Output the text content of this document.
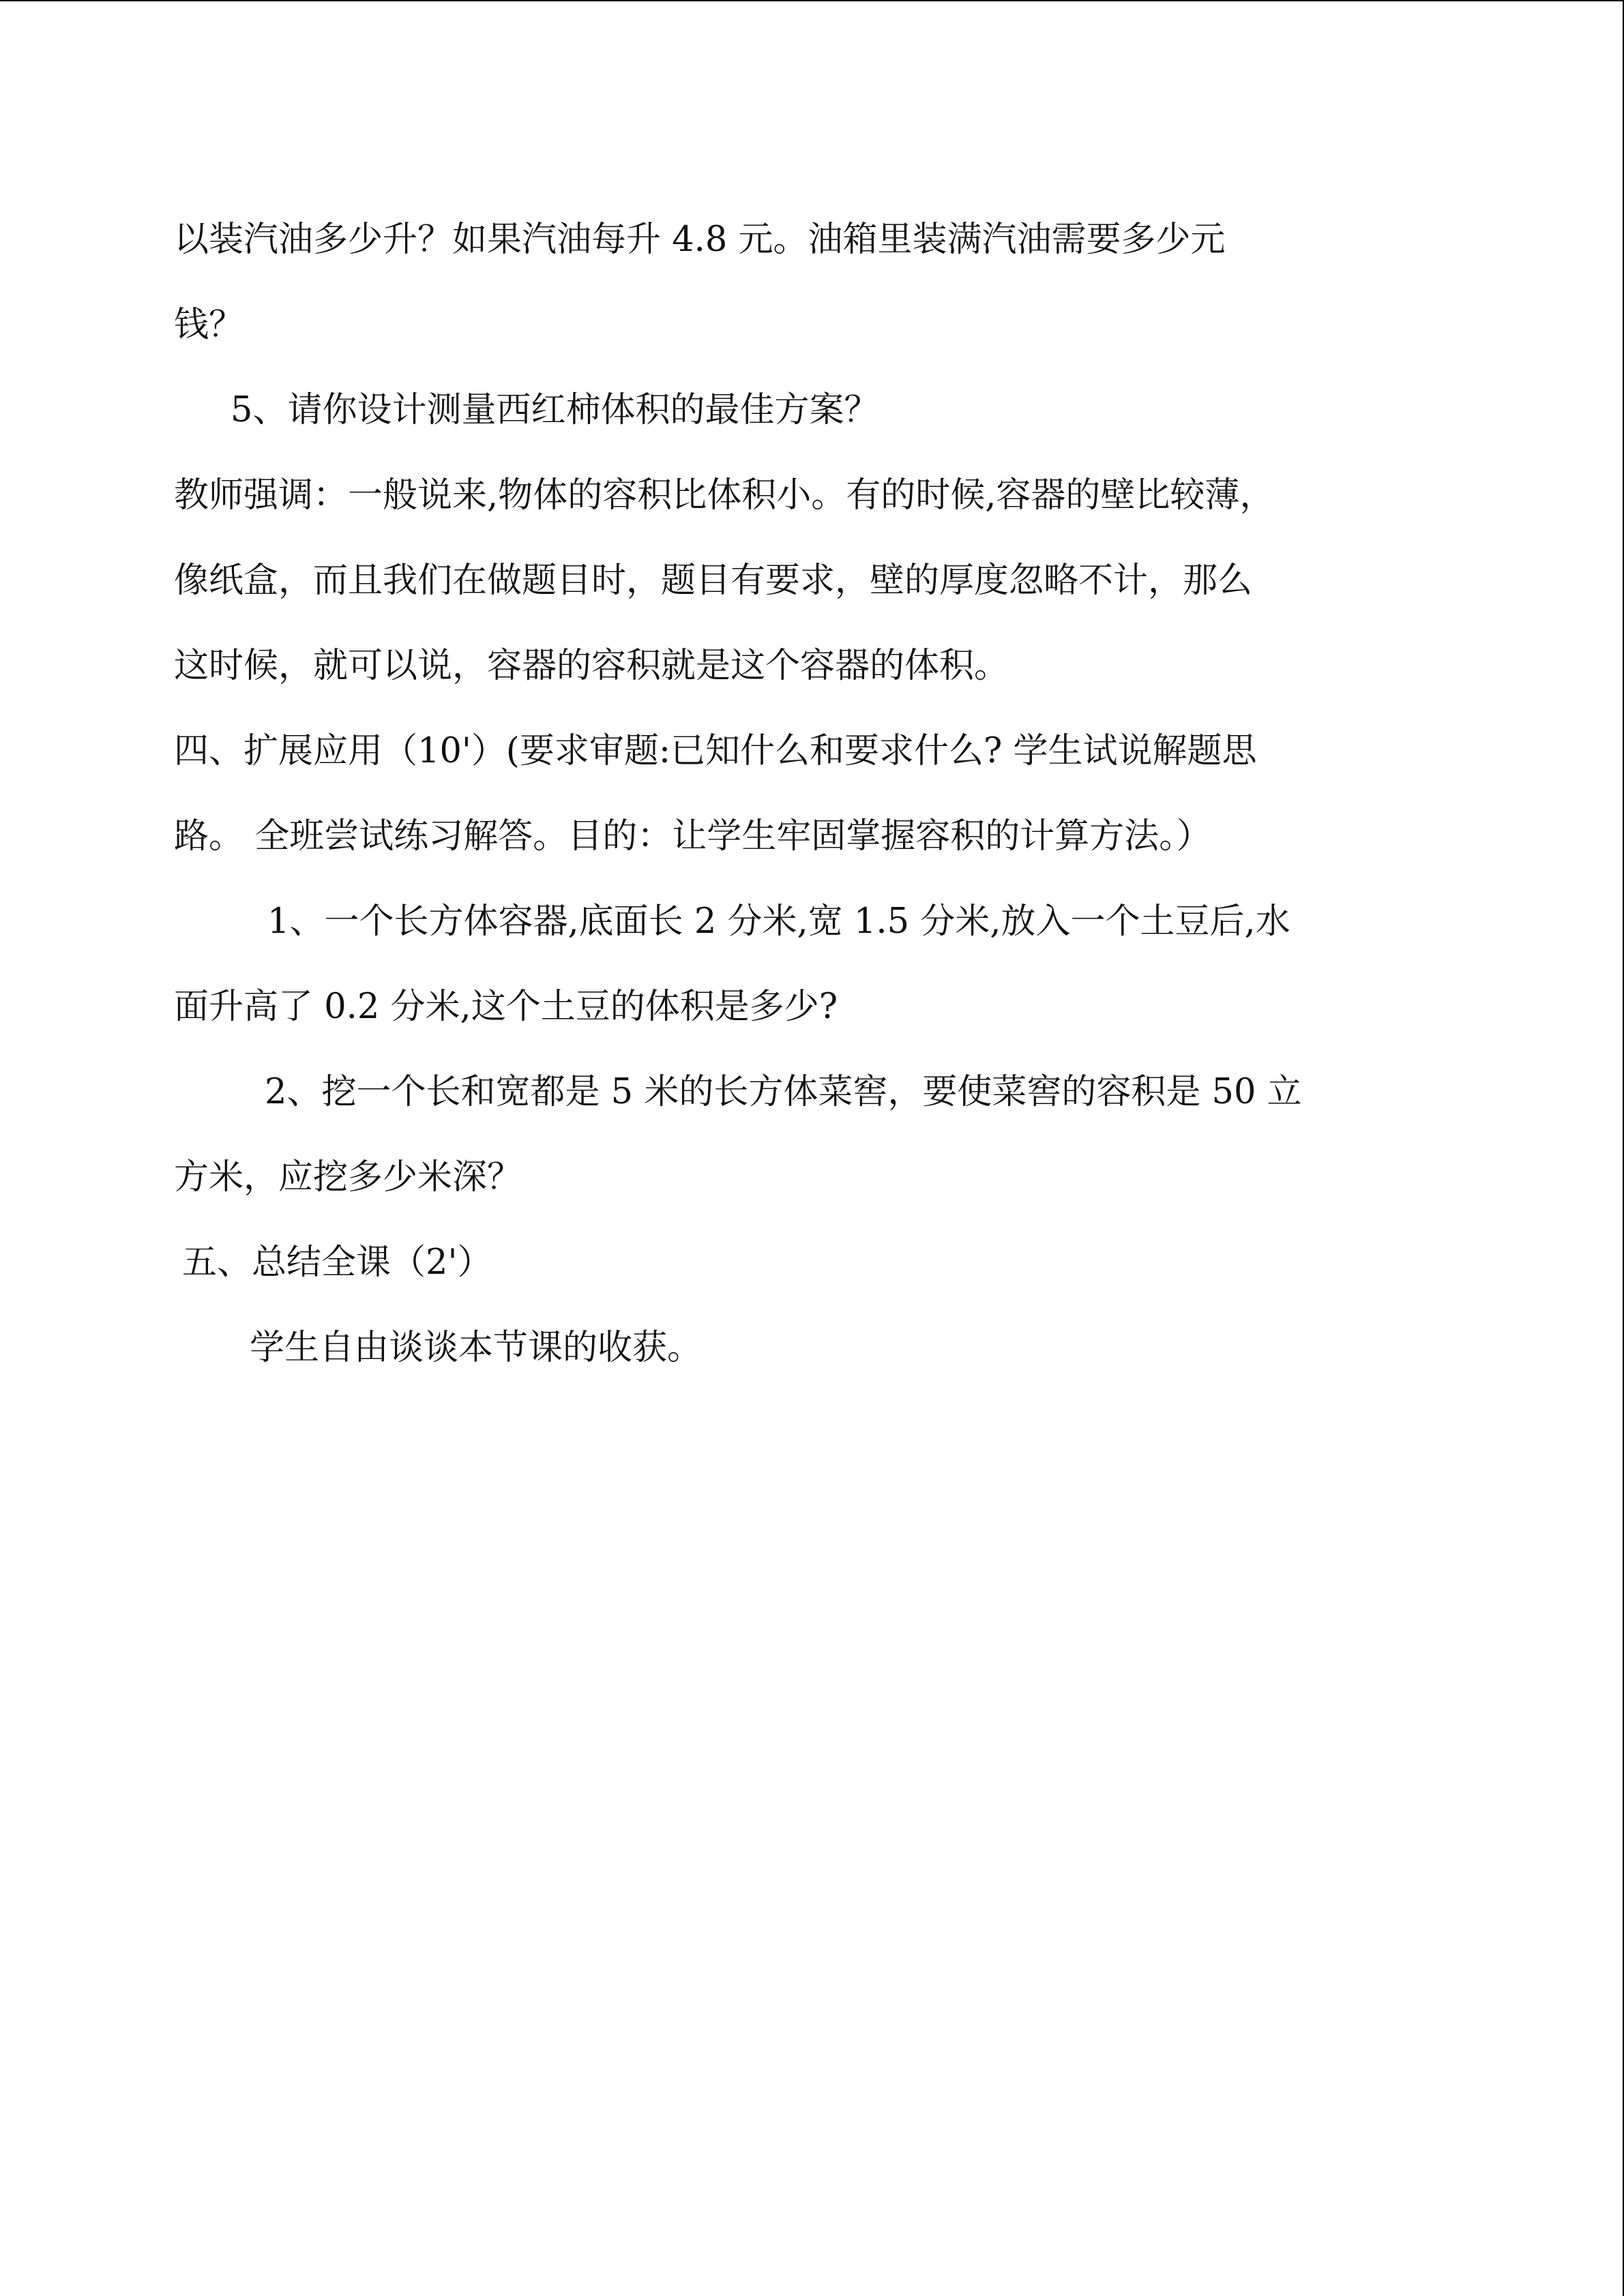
以装汽油多少升？如果汽油每升 4.8 元。油箱里装满汽油需要多少元
钱？
5、请你设计测量西红柿体积的最佳方案？
教师强调：一般说来,物体的容积比体积小。有的时候,容器的壁比较薄，
像纸盒，而且我们在做题目时，题目有要求，壁的厚度忽略不计，那么
这时候，就可以说，容器的容积就是这个容器的体积。
四、扩展应用（10'）(要求审题:已知什么和要求什么? 学生试说解题思
路。 全班尝试练习解答。目的：让学生牢固掌握容积的计算方法。）
1、一个长方体容器,底面长 2 分米,宽 1.5 分米,放入一个土豆后,水
面升高了 0.2 分米,这个土豆的体积是多少?
2、挖一个长和宽都是 5 米的长方体菜窖，要使菜窖的容积是 50 立
方米，应挖多少米深？
五、总结全课（2'）
学生自由谈谈本节课的收获。
